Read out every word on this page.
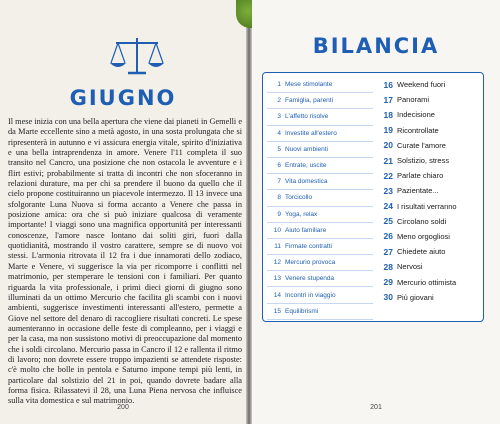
GIUGNO

Il mese inizia con una bella apertura che viene dai pianeti in Gemelli e da Marte eccellente sino a metà agosto, in una sosta prolungata che si ripresenterà in autunno e vi assicura energia vitale, spirito d'iniziativa e una bella intraprendenza in amore. Venere l'11 completa il suo transito nel Cancro, una posizione che non ostacola le avventure e i flirt estivi; probabilmente si tratta di incontri che non sfoceranno in relazioni durature, ma per chi sa prendere il buono da quello che il cielo propone costituiranno un piacevole intermezzo. Il 13 invece una sfolgorante Luna Nuova si forma accanto a Venere che passa in posizione amica: ora che si può iniziare qualcosa di veramente importante! I viaggi sono una magnifica opportunità per interessanti conoscenze, l'amore nasce lontano dai soliti giri, fuori dalla quotidianità, mostrando il vostro carattere, sempre se di nuovo voi stessi. L'armonia ritrovata il 12 fra i due innamorati dello zodiaco, Marte e Venere, vi suggerisce la via per ricomporre i conflitti nel matrimonio, per stemperare le tensioni con i familiari. Per quanto riguarda la vita professionale, i primi dieci giorni di giugno sono illuminati da un ottimo Mercurio che facilita gli scambi con i nuovi ambienti, suggerisce investimenti interessanti all'estero, permette a Giove nel settore del denaro di raccogliere risultati concreti. Le spese aumenteranno in occasione delle feste di compleanno, per i viaggi e per la casa, ma non sussistono motivi di preoccupazione dal momento che i soldi circolano. Mercurio passa in Cancro il 12 e rallenta il ritmo di lavoro; non dovrete essere troppo impazienti se attendete risposte: c'è molto che bolle in pentola e Saturno impone tempi più lenti, in particolare dal solstizio del 21 in poi, quando dovrete badare alla forma fisica. Rilassatevi il 28, una Luna Piena nervosa che influisce sulla vita domestica e sul matrimonio.

200
BILANCIA
1 Mese stimolante
2 Famiglia, parenti
3 L'affetto risolve
4 Investite all'estero
5 Nuovi ambienti
6 Entrate, uscite
7 Vita domestica
8 Torcicollo
9 Yoga, relax
10 Aiuto familiare
11 Firmate contratti
12 Mercurio provoca
13 Venere stupenda
14 Incontri in viaggio
15 Equilibrismi
16 Weekend fuori
17 Panorami
18 Indecisione
19 Ricontrollate
20 Curate l'amore
21 Solstizio, stress
22 Parlate chiaro
23 Pazientate...
24 I risultati verranno
25 Circolano soldi
26 Meno orgogliosi
27 Chiedete aiuto
28 Nervosi
29 Mercurio ottimista
30 Più giovani
201
